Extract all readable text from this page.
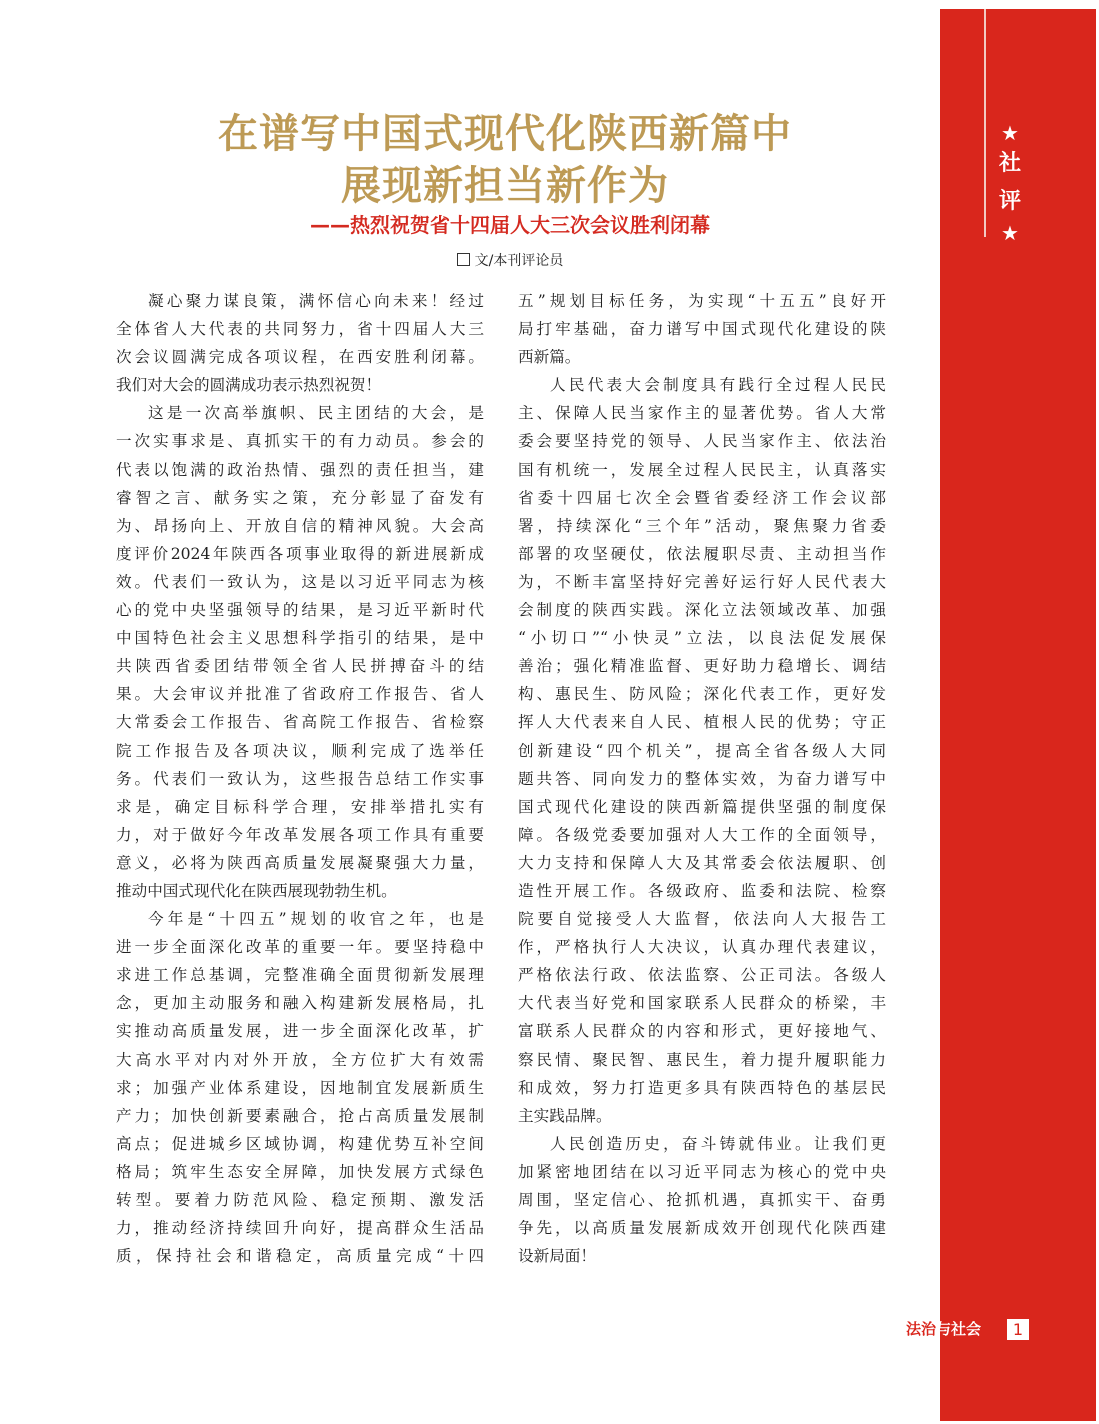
★
社
评
★
在谱写中国式现代化陕西新篇中
展现新担当新作为
——热烈祝贺省十四届人大三次会议胜利闭幕
文/本刊评论员
凝心聚力谋良策，满怀信心向未来！经过
全体省人大代表的共同努力，省十四届人大三
次会议圆满完成各项议程，在西安胜利闭幕。
我们对大会的圆满成功表示热烈祝贺！
这是一次高举旗帜、民主团结的大会，是
一次实事求是、真抓实干的有力动员。参会的
代表以饱满的政治热情、强烈的责任担当，建
睿智之言、献务实之策，充分彰显了奋发有
为、昂扬向上、开放自信的精神风貌。大会高
度评价2024年陕西各项事业取得的新进展新成
效。代表们一致认为，这是以习近平同志为核
心的党中央坚强领导的结果，是习近平新时代
中国特色社会主义思想科学指引的结果，是中
共陕西省委团结带领全省人民拼搏奋斗的结
果。大会审议并批准了省政府工作报告、省人
大常委会工作报告、省高院工作报告、省检察
院工作报告及各项决议，顺利完成了选举任
务。代表们一致认为，这些报告总结工作实事
求是，确定目标科学合理，安排举措扎实有
力，对于做好今年改革发展各项工作具有重要
意义，必将为陕西高质量发展凝聚强大力量，
推动中国式现代化在陕西展现勃勃生机。
今年是“十四五”规划的收官之年，也是
进一步全面深化改革的重要一年。要坚持稳中
求进工作总基调，完整准确全面贯彻新发展理
念，更加主动服务和融入构建新发展格局，扎
实推动高质量发展，进一步全面深化改革，扩
大高水平对内对外开放，全方位扩大有效需
求；加强产业体系建设，因地制宜发展新质生
产力；加快创新要素融合，抢占高质量发展制
高点；促进城乡区域协调，构建优势互补空间
格局；筑牢生态安全屏障，加快发展方式绿色
转型。要着力防范风险、稳定预期、激发活
力，推动经济持续回升向好，提高群众生活品
质，保持社会和谐稳定，高质量完成“十四
五”规划目标任务，为实现“十五五”良好开
局打牢基础，奋力谱写中国式现代化建设的陕
西新篇。
人民代表大会制度具有践行全过程人民民
主、保障人民当家作主的显著优势。省人大常
委会要坚持党的领导、人民当家作主、依法治
国有机统一，发展全过程人民民主，认真落实
省委十四届七次全会暨省委经济工作会议部
署，持续深化“三个年”活动，聚焦聚力省委
部署的攻坚硬仗，依法履职尽责、主动担当作
为，不断丰富坚持好完善好运行好人民代表大
会制度的陕西实践。深化立法领域改革、加强
“小切口”“小快灵”立法，以良法促发展保
善治；强化精准监督、更好助力稳增长、调结
构、惠民生、防风险；深化代表工作，更好发
挥人大代表来自人民、植根人民的优势；守正
创新建设“四个机关”，提高全省各级人大同
题共答、同向发力的整体实效，为奋力谱写中
国式现代化建设的陕西新篇提供坚强的制度保
障。各级党委要加强对人大工作的全面领导，
大力支持和保障人大及其常委会依法履职、创
造性开展工作。各级政府、监委和法院、检察
院要自觉接受人大监督，依法向人大报告工
作，严格执行人大决议，认真办理代表建议，
严格依法行政、依法监察、公正司法。各级人
大代表当好党和国家联系人民群众的桥梁，丰
富联系人民群众的内容和形式，更好接地气、
察民情、聚民智、惠民生，着力提升履职能力
和成效，努力打造更多具有陕西特色的基层民
主实践品牌。
人民创造历史，奋斗铸就伟业。让我们更
加紧密地团结在以习近平同志为核心的党中央
周围，坚定信心、抢抓机遇，真抓实干、奋勇
争先，以高质量发展新成效开创现代化陕西建
设新局面！
法治与社会	1
